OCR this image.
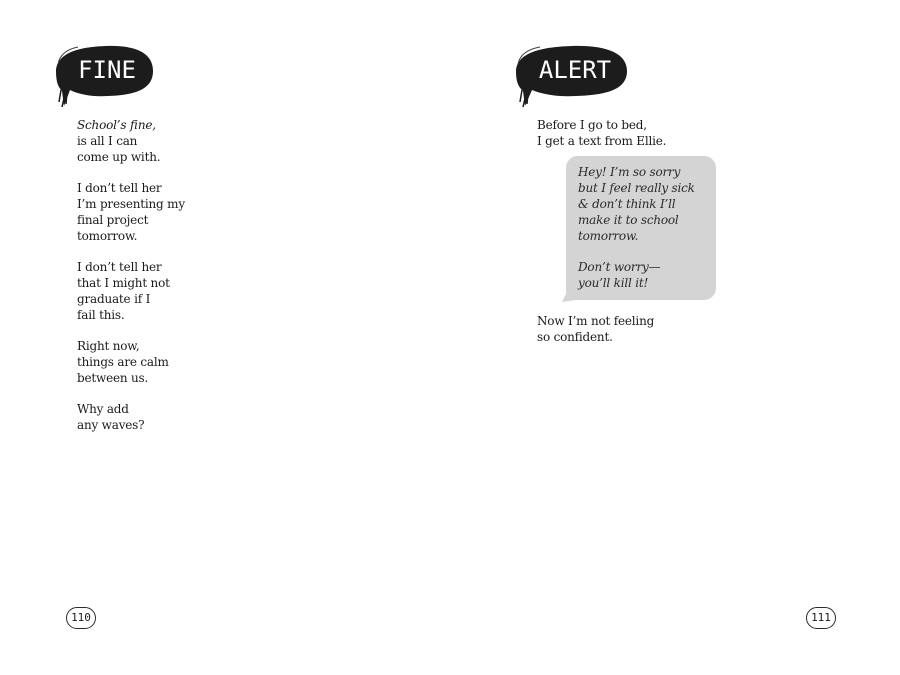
FINE
School’s fine,
is all I can
come up with.
I don’t tell her
I’m presenting my
final project
tomorrow.
I don’t tell her
that I might not
graduate if I
fail this.
Right now,
things are calm
between us.
Why add
any waves?
110
ALERT
Before I go to bed,
I get a text from Ellie.
Hey! I’m so sorry
but I feel really sick
& don’t think I’ll
make it to school
tomorrow.
Don’t worry—
you’ll kill it!
Now I’m not feeling
so confident.
111
